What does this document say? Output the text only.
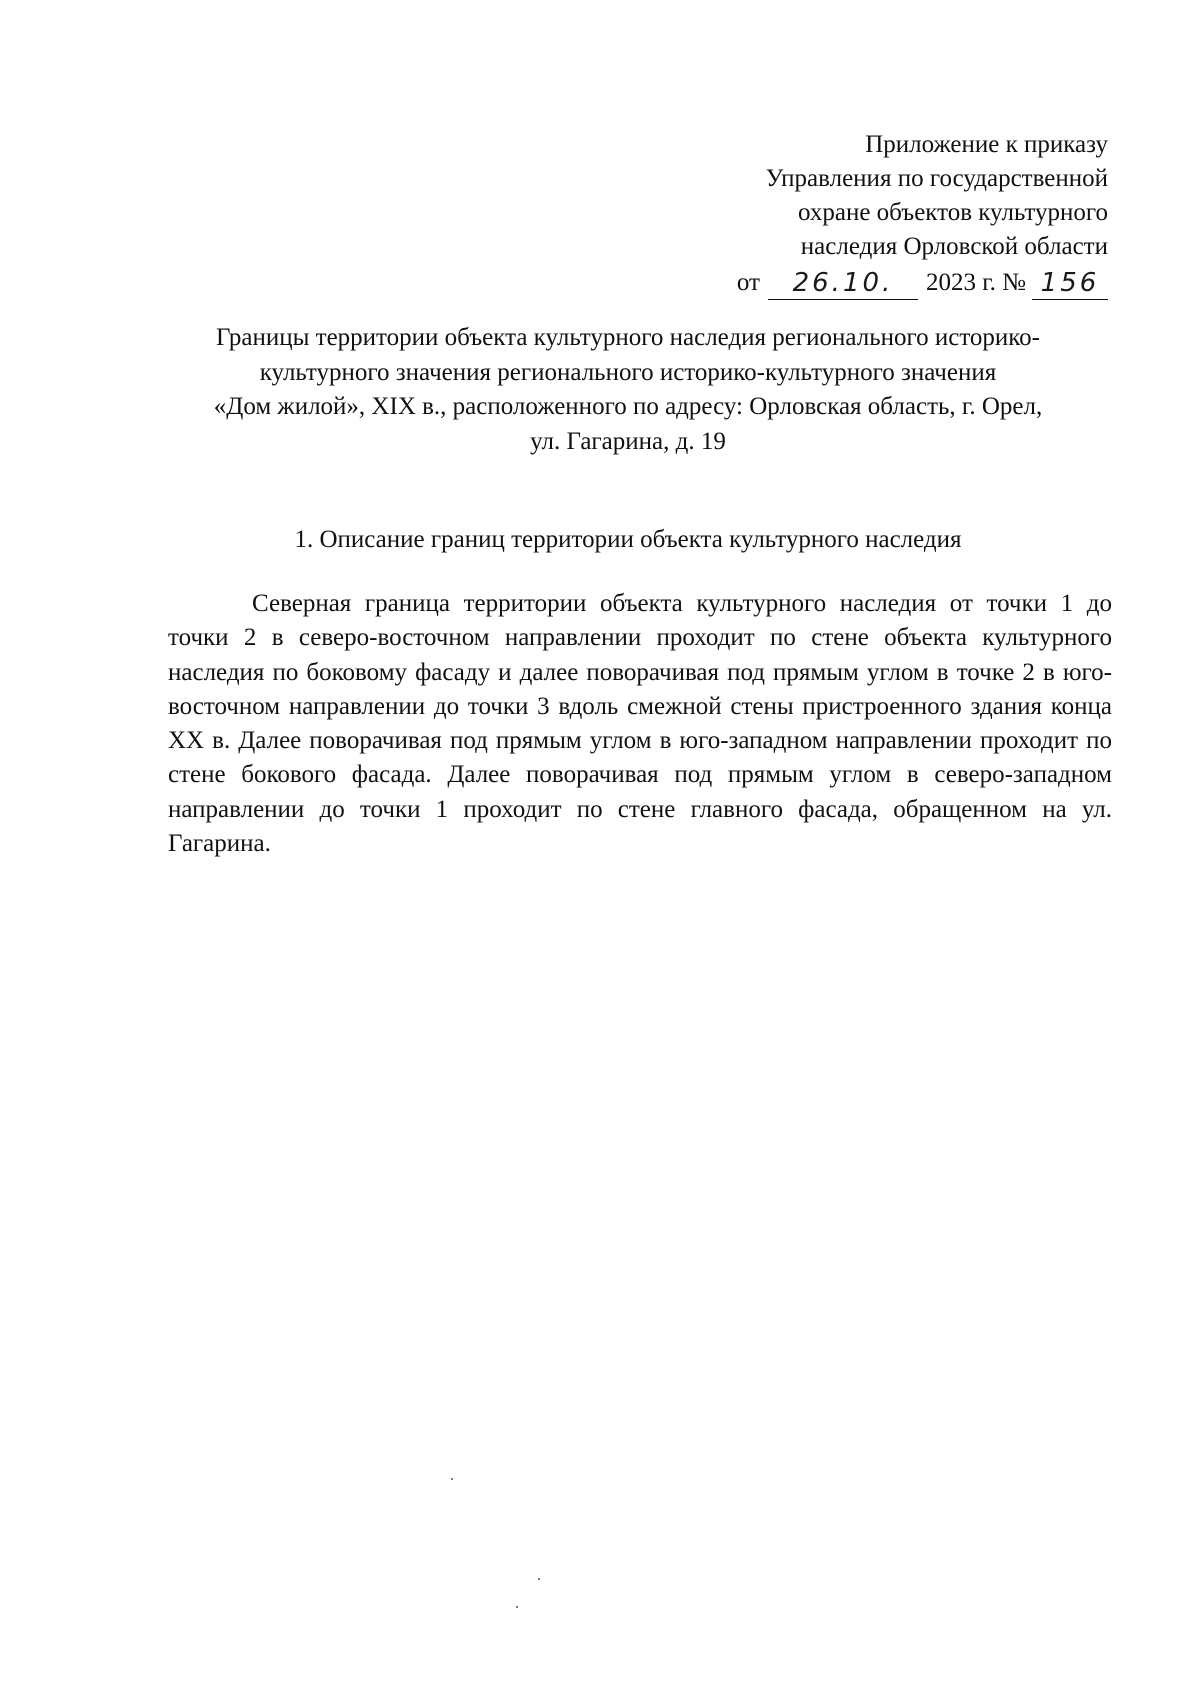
Приложение к приказу
Управления по государственной
охране объектов культурного
наследия Орловской области
от 26.10. 2023 г. № 156
Границы территории объекта культурного наследия регионального историко-
культурного значения регионального историко-культурного значения
«Дом жилой», XIX в., расположенного по адресу: Орловская область, г. Орел,
ул. Гагарина, д. 19
1. Описание границ территории объекта культурного наследия

Северная граница территории объекта культурного наследия от точки 1 до точки 2 в северо-восточном направлении проходит по стене объекта культурного наследия по боковому фасаду и далее поворачивая под прямым углом в точке 2 в юго-восточном направлении до точки 3 вдоль смежной стены пристроенного здания конца XX в. Далее поворачивая под прямым углом в юго-западном направлении проходит по стене бокового фасада. Далее поворачивая под прямым углом в северо-западном направлении до точки 1 проходит по стене главного фасада, обращенном на ул. Гагарина.
